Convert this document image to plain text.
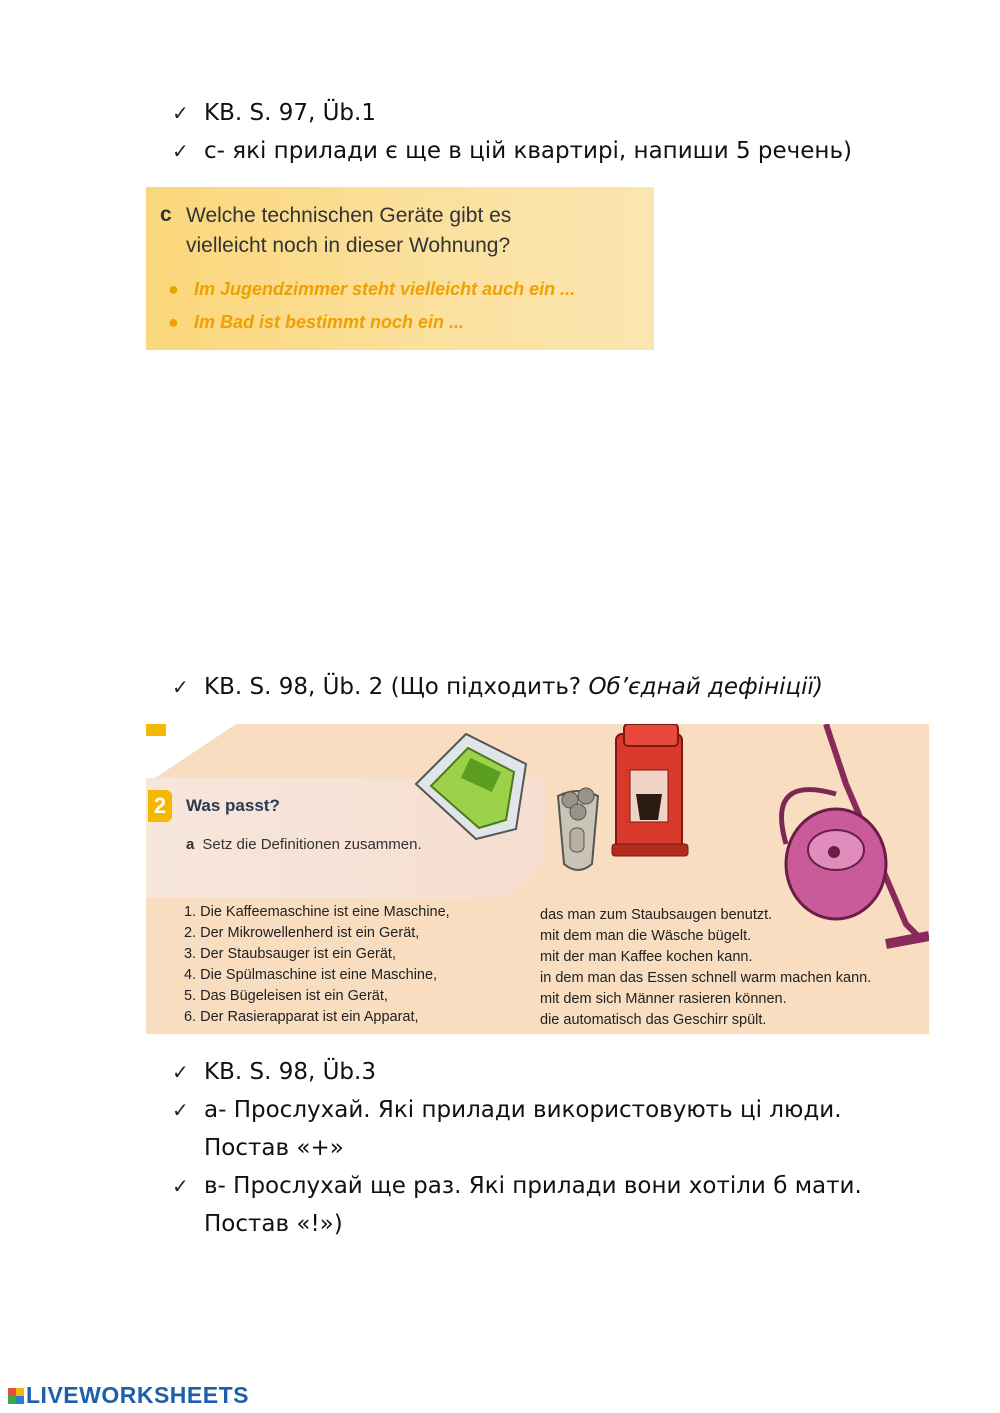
✓ KB. S. 97, Üb.1
✓ c- які прилади є ще в цій квартирі, напиши 5 речень)
c Welche technischen Geräte gibt es vielleicht noch in dieser Wohnung?
● Im Jugendzimmer steht vielleicht auch ein ...
● Im Bad ist bestimmt noch ein ...
✓ KB. S. 98, Üb. 2 (Що підходить? Об’єднай дефініції)
2	Was passt?
a Setz die Definitionen zusammen.
1. Die Kaffeemaschine ist eine Maschine,
2. Der Mikrowellenherd ist ein Gerät,
3. Der Staubsauger ist ein Gerät,
4. Die Spülmaschine ist eine Maschine,
5. Das Bügeleisen ist ein Gerät,
6. Der Rasierapparat ist ein Apparat,
das man zum Staubsaugen benutzt.
mit dem man die Wäsche bügelt.
mit der man Kaffee kochen kann.
in dem man das Essen schnell warm machen kann.
mit dem sich Männer rasieren können.
die automatisch das Geschirr spült.
✓ KB. S. 98, Üb.3
✓ а- Прослухай. Які прилади використовують ці люди. Постав «+»
✓ в- Прослухай ще раз. Які прилади вони хотіли б мати. Постав «!»)
LIVEWORKSHEETS
